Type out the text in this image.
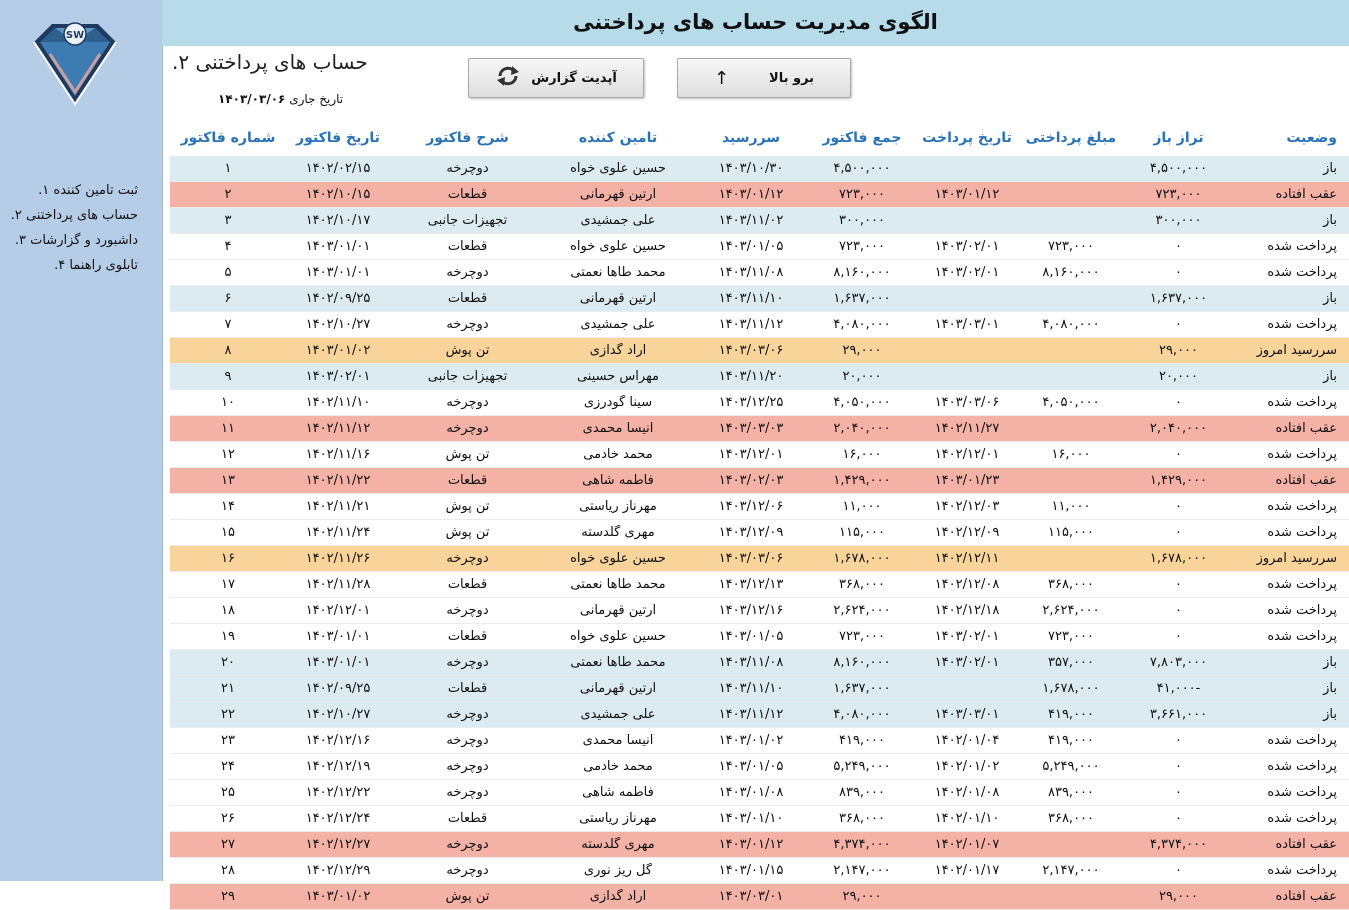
SW
ثبت تامین کننده ۱.
حساب های پرداختنی ۲.
داشبورد و گزارشات ۳.
تابلوی راهنما ۴.
الگوی مدیریت حساب های پرداختنی
حساب های پرداختنی ۲.
تاریخ جاری ۱۴۰۳/۰۳/۰۶
آپدیت گزارش	برو بالا
↑
وضعیت
تراز باز
مبلغ پرداختی
تاریخ پرداخت
جمع فاکتور
سررسید
تامین کننده
شرح فاکتور
تاریخ فاکتور
شماره فاکتور
باز
۴,۵۰۰,۰۰۰
۴,۵۰۰,۰۰۰
۱۴۰۳/۱۰/۳۰
حسین علوی خواه
دوچرخه
۱۴۰۲/۰۲/۱۵
۱
عقب افتاده
۷۲۳,۰۰۰
۱۴۰۳/۰۱/۱۲
۷۲۳,۰۰۰
۱۴۰۳/۰۱/۱۲
ارتین قهرمانی
قطعات
۱۴۰۲/۱۰/۱۵
۲
باز
۳۰۰,۰۰۰
۳۰۰,۰۰۰
۱۴۰۳/۱۱/۰۲
علی جمشیدی
تجهیزات جانبی
۱۴۰۲/۱۰/۱۷
۳
پرداخت شده
۰
۷۲۳,۰۰۰
۱۴۰۳/۰۲/۰۱
۷۲۳,۰۰۰
۱۴۰۳/۰۱/۰۵
حسین علوی خواه
قطعات
۱۴۰۳/۰۱/۰۱
۴
پرداخت شده
۰
۸,۱۶۰,۰۰۰
۱۴۰۳/۰۲/۰۱
۸,۱۶۰,۰۰۰
۱۴۰۳/۱۱/۰۸
محمد طاها نعمتی
دوچرخه
۱۴۰۳/۰۱/۰۱
۵
باز
۱,۶۳۷,۰۰۰
۱,۶۳۷,۰۰۰
۱۴۰۳/۱۱/۱۰
ارتین قهرمانی
قطعات
۱۴۰۲/۰۹/۲۵
۶
پرداخت شده
۰
۴,۰۸۰,۰۰۰
۱۴۰۳/۰۳/۰۱
۴,۰۸۰,۰۰۰
۱۴۰۳/۱۱/۱۲
علی جمشیدی
دوچرخه
۱۴۰۲/۱۰/۲۷
۷
سررسید امروز
۲۹,۰۰۰
۲۹,۰۰۰
۱۴۰۳/۰۳/۰۶
اراد گدازی
تن پوش
۱۴۰۳/۰۱/۰۲
۸
باز
۲۰,۰۰۰
۲۰,۰۰۰
۱۴۰۳/۱۱/۲۰
مهراس حسینی
تجهیزات جانبی
۱۴۰۳/۰۲/۰۱
۹
پرداخت شده
۰
۴,۰۵۰,۰۰۰
۱۴۰۳/۰۳/۰۶
۴,۰۵۰,۰۰۰
۱۴۰۳/۱۲/۲۵
سینا گودرزی
دوچرخه
۱۴۰۲/۱۱/۱۰
۱۰
عقب افتاده
۲,۰۴۰,۰۰۰
۱۴۰۲/۱۱/۲۷
۲,۰۴۰,۰۰۰
۱۴۰۳/۰۳/۰۳
انیسا محمدی
دوچرخه
۱۴۰۲/۱۱/۱۲
۱۱
پرداخت شده
۰
۱۶,۰۰۰
۱۴۰۲/۱۲/۰۱
۱۶,۰۰۰
۱۴۰۳/۱۲/۰۱
محمد خادمی
تن پوش
۱۴۰۲/۱۱/۱۶
۱۲
عقب افتاده
۱,۴۲۹,۰۰۰
۱۴۰۳/۰۱/۲۳
۱,۴۲۹,۰۰۰
۱۴۰۳/۰۲/۰۳
فاطمه شاهی
قطعات
۱۴۰۲/۱۱/۲۲
۱۳
پرداخت شده
۰
۱۱,۰۰۰
۱۴۰۲/۱۲/۰۳
۱۱,۰۰۰
۱۴۰۳/۱۲/۰۶
مهرناز ریاستی
تن پوش
۱۴۰۲/۱۱/۲۱
۱۴
پرداخت شده
۰
۱۱۵,۰۰۰
۱۴۰۲/۱۲/۰۹
۱۱۵,۰۰۰
۱۴۰۳/۱۲/۰۹
مهری گلدسته
تن پوش
۱۴۰۲/۱۱/۲۴
۱۵
سررسید امروز
۱,۶۷۸,۰۰۰
۱۴۰۲/۱۲/۱۱
۱,۶۷۸,۰۰۰
۱۴۰۳/۰۳/۰۶
حسین علوی خواه
دوچرخه
۱۴۰۲/۱۱/۲۶
۱۶
پرداخت شده
۰
۳۶۸,۰۰۰
۱۴۰۲/۱۲/۰۸
۳۶۸,۰۰۰
۱۴۰۳/۱۲/۱۳
محمد طاها نعمتی
قطعات
۱۴۰۲/۱۱/۲۸
۱۷
پرداخت شده
۰
۲,۶۲۴,۰۰۰
۱۴۰۲/۱۲/۱۸
۲,۶۲۴,۰۰۰
۱۴۰۳/۱۲/۱۶
ارتین قهرمانی
دوچرخه
۱۴۰۲/۱۲/۰۱
۱۸
پرداخت شده
۰
۷۲۳,۰۰۰
۱۴۰۳/۰۲/۰۱
۷۲۳,۰۰۰
۱۴۰۳/۰۱/۰۵
حسین علوی خواه
قطعات
۱۴۰۳/۰۱/۰۱
۱۹
باز
۷,۸۰۳,۰۰۰
۳۵۷,۰۰۰
۱۴۰۳/۰۲/۰۱
۸,۱۶۰,۰۰۰
۱۴۰۳/۱۱/۰۸
محمد طاها نعمتی
دوچرخه
۱۴۰۳/۰۱/۰۱
۲۰
باز
-۴۱,۰۰۰
۱,۶۷۸,۰۰۰
۱,۶۳۷,۰۰۰
۱۴۰۳/۱۱/۱۰
ارتین قهرمانی
قطعات
۱۴۰۲/۰۹/۲۵
۲۱
باز
۳,۶۶۱,۰۰۰
۴۱۹,۰۰۰
۱۴۰۳/۰۳/۰۱
۴,۰۸۰,۰۰۰
۱۴۰۳/۱۱/۱۲
علی جمشیدی
دوچرخه
۱۴۰۲/۱۰/۲۷
۲۲
پرداخت شده
۰
۴۱۹,۰۰۰
۱۴۰۲/۰۱/۰۴
۴۱۹,۰۰۰
۱۴۰۳/۰۱/۰۲
انیسا محمدی
دوچرخه
۱۴۰۲/۱۲/۱۶
۲۳
پرداخت شده
۰
۵,۲۴۹,۰۰۰
۱۴۰۲/۰۱/۰۲
۵,۲۴۹,۰۰۰
۱۴۰۳/۰۱/۰۵
محمد خادمی
دوچرخه
۱۴۰۲/۱۲/۱۹
۲۴
پرداخت شده
۰
۸۳۹,۰۰۰
۱۴۰۲/۰۱/۰۸
۸۳۹,۰۰۰
۱۴۰۳/۰۱/۰۸
فاطمه شاهی
دوچرخه
۱۴۰۲/۱۲/۲۲
۲۵
پرداخت شده
۰
۳۶۸,۰۰۰
۱۴۰۲/۰۱/۱۰
۳۶۸,۰۰۰
۱۴۰۳/۰۱/۱۰
مهرناز ریاستی
قطعات
۱۴۰۲/۱۲/۲۴
۲۶
عقب افتاده
۴,۳۷۴,۰۰۰
۱۴۰۲/۰۱/۰۷
۴,۳۷۴,۰۰۰
۱۴۰۳/۰۱/۱۲
مهری گلدسته
دوچرخه
۱۴۰۲/۱۲/۲۷
۲۷
پرداخت شده
۰
۲,۱۴۷,۰۰۰
۱۴۰۲/۰۱/۱۷
۲,۱۴۷,۰۰۰
۱۴۰۳/۰۱/۱۵
گل ریز نوری
دوچرخه
۱۴۰۲/۱۲/۲۹
۲۸
عقب افتاده
۲۹,۰۰۰
۲۹,۰۰۰
۱۴۰۳/۰۳/۰۱
اراد گدازی
تن پوش
۱۴۰۳/۰۱/۰۲
۲۹
